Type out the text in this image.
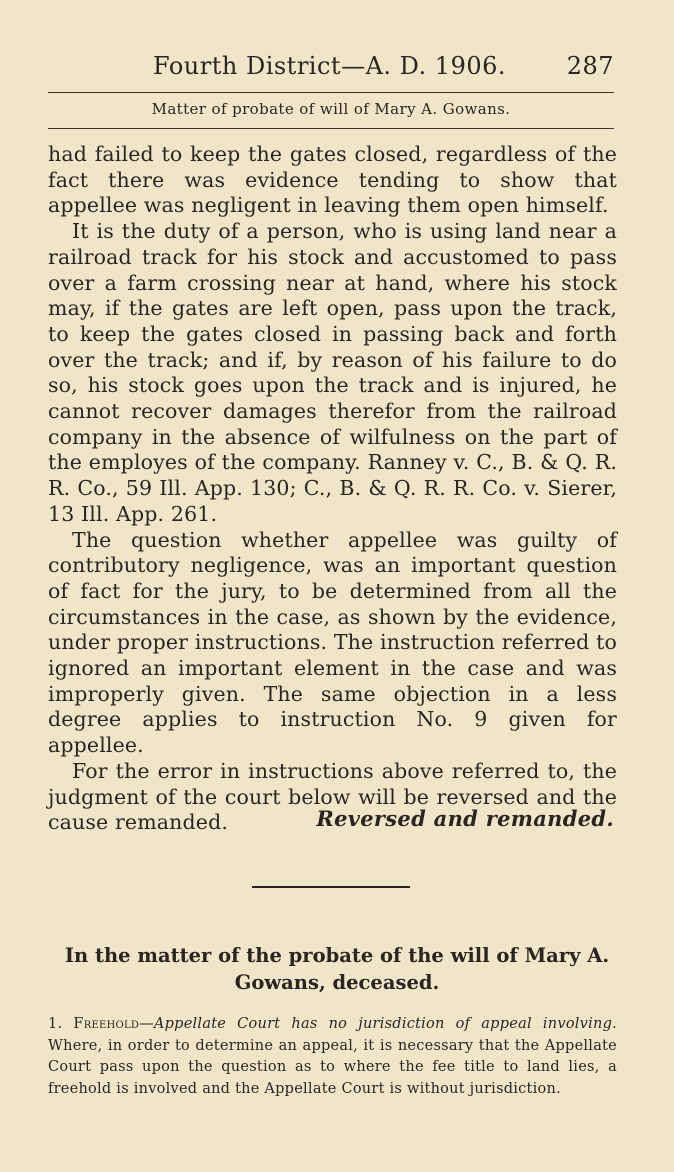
Fourth District—A. D. 1906.	287
Matter of probate of will of Mary A. Gowans.

had failed to keep the gates closed, regardless of the fact there was evidence tending to show that appellee was negligent in leaving them open himself.

It is the duty of a person, who is using land near a railroad track for his stock and accustomed to pass over a farm crossing near at hand, where his stock may, if the gates are left open, pass upon the track, to keep the gates closed in passing back and forth over the track; and if, by reason of his failure to do so, his stock goes upon the track and is injured, he cannot recover damages therefor from the railroad company in the absence of wilfulness on the part of the employes of the company. Ranney v. C., B. & Q. R. R. Co., 59 Ill. App. 130; C., B. & Q. R. R. Co. v. Sierer, 13 Ill. App. 261.

The question whether appellee was guilty of contributory negligence, was an important question of fact for the jury, to be determined from all the circumstances in the case, as shown by the evidence, under proper instructions. The instruction referred to ignored an important element in the case and was improperly given. The same objection in a less degree applies to instruction No. 9 given for appellee.

For the error in instructions above referred to, the judgment of the court below will be reversed and the cause remanded.	Reversed and remanded.
In the matter of the probate of the will of Mary A. Gowans, deceased.
1. Freehold—Appellate Court has no jurisdiction of appeal involving. Where, in order to determine an appeal, it is necessary that the Appellate Court pass upon the question as to where the fee title to land lies, a freehold is involved and the Appellate Court is without jurisdiction.
